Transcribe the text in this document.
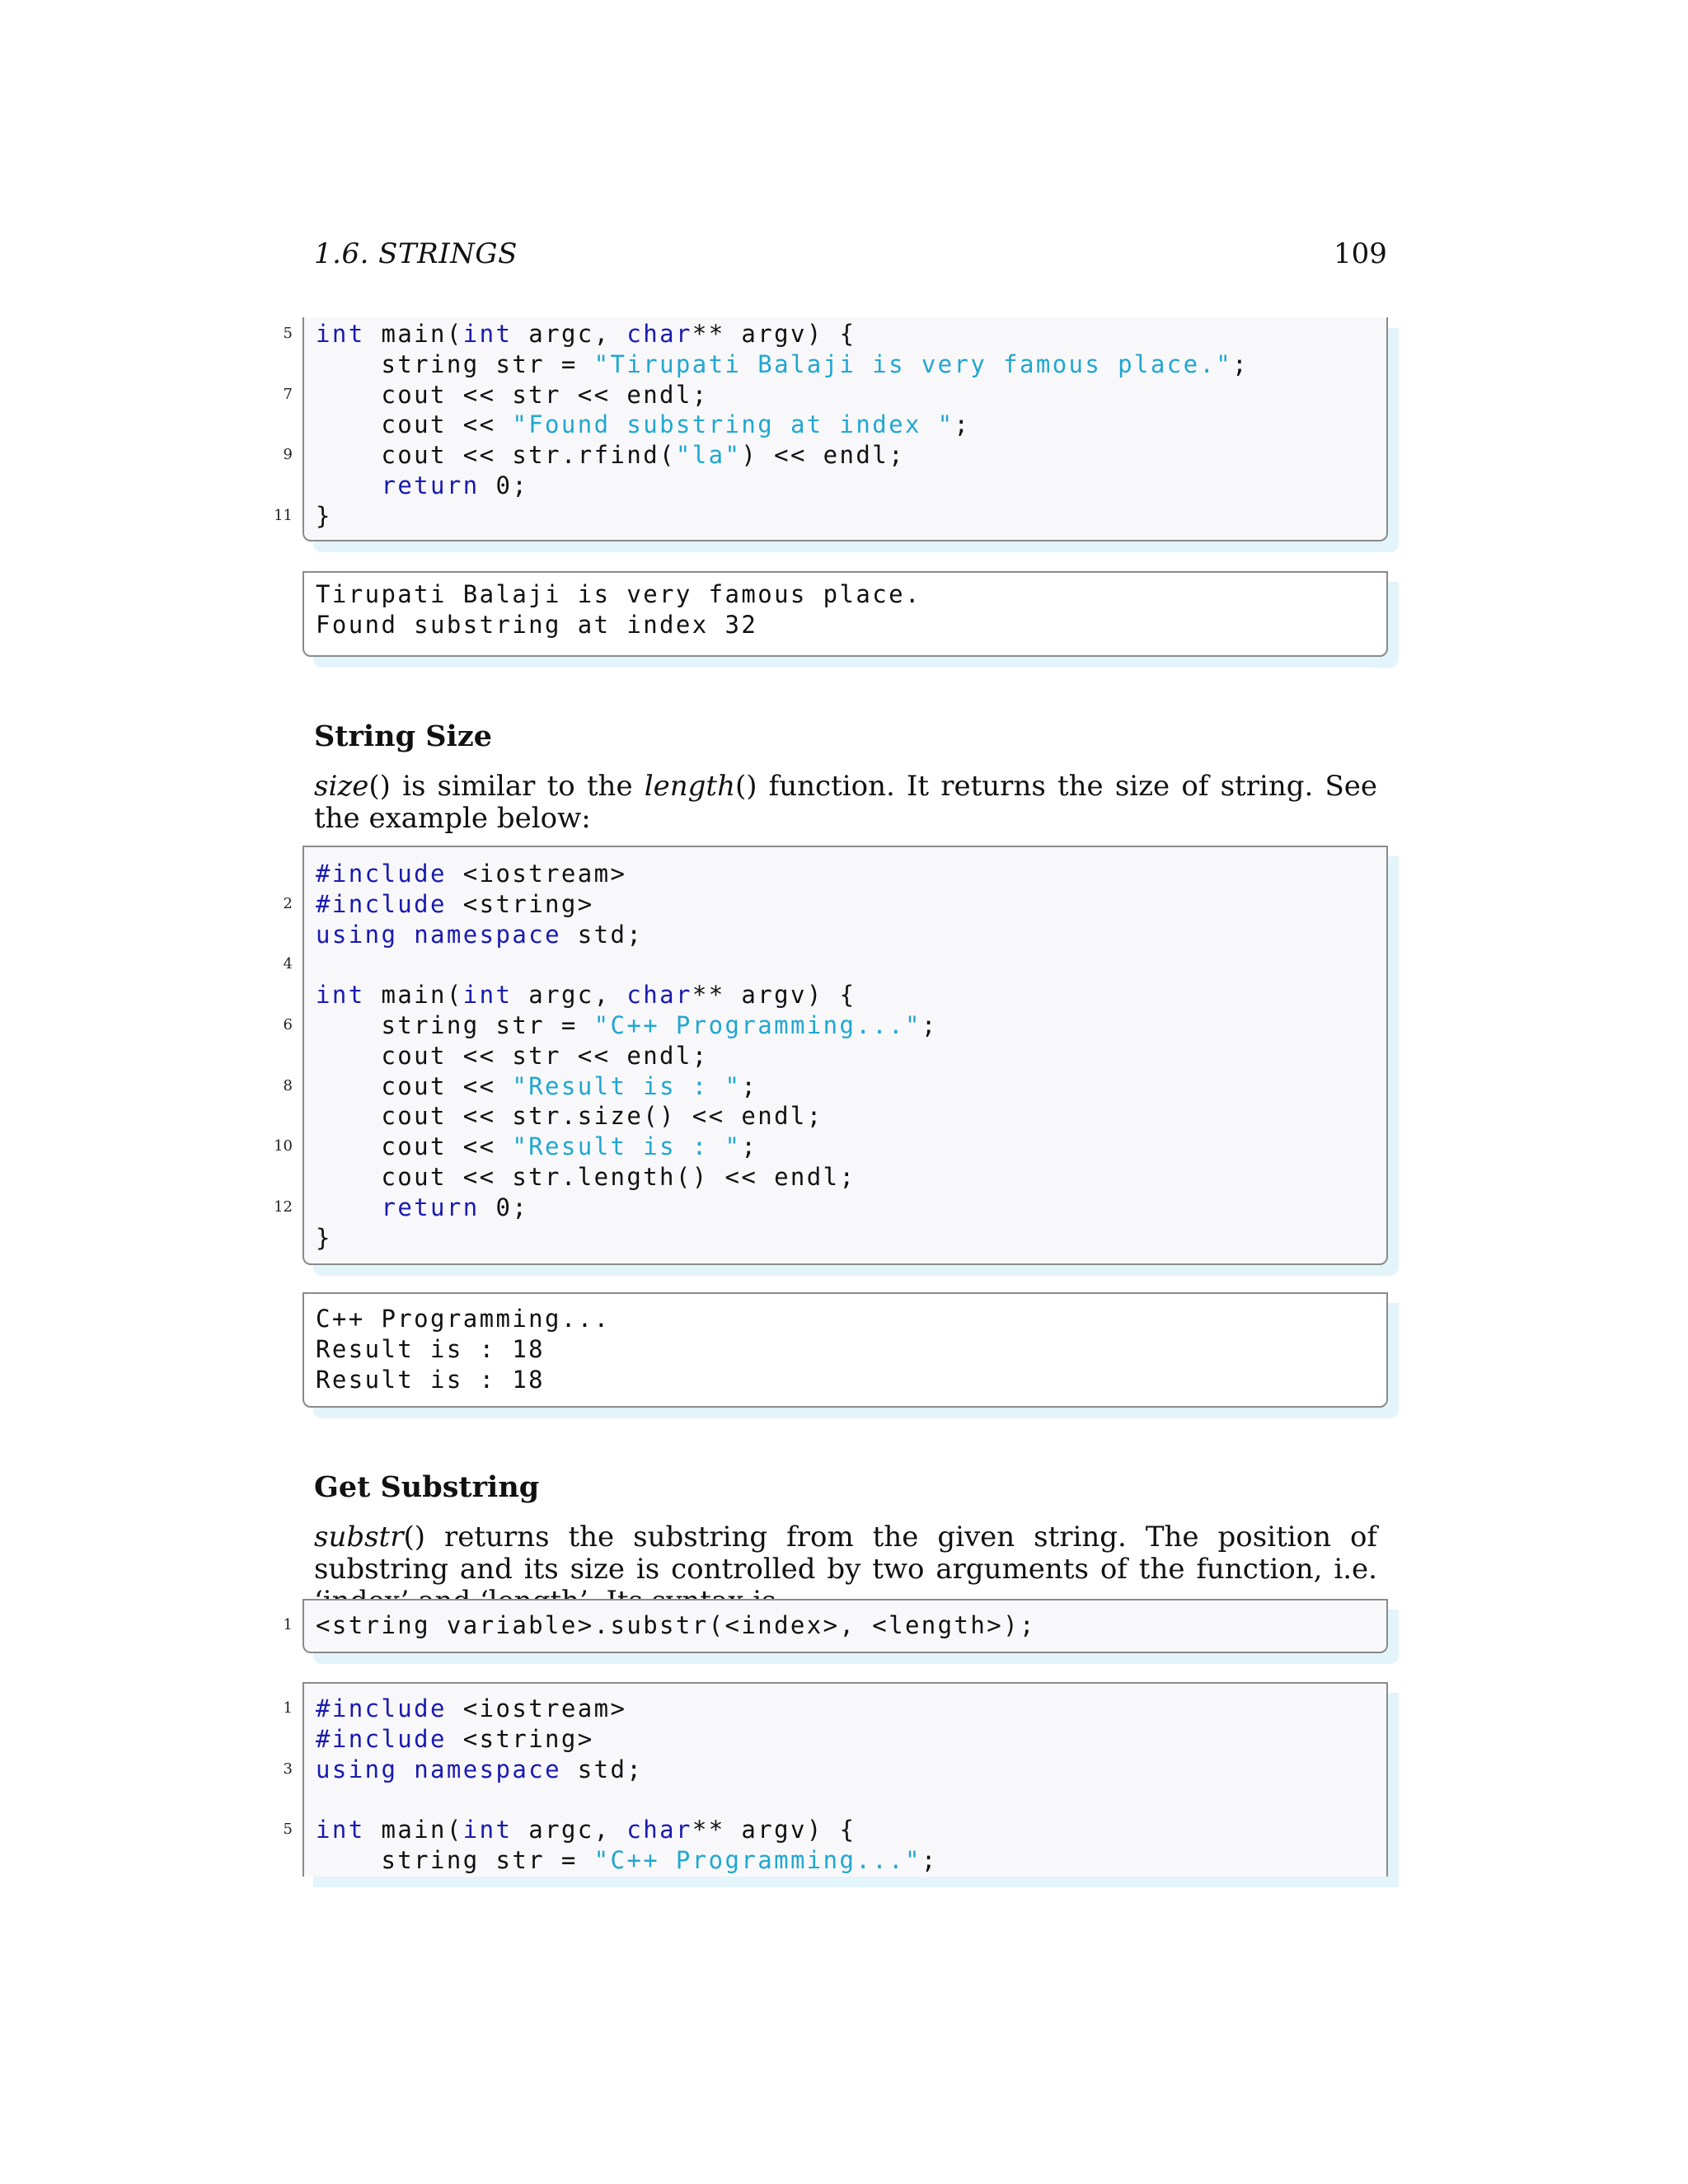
1.6. STRINGS	109
5 int main(int argc, char** argv) {
string str = "Tirupati Balaji is very famous place.";
7 cout << str << endl;
cout << "Found substring at index ";
9 cout << str.rfind("la") << endl;
return 0;
11 }
Tirupati Balaji is very famous place.
Found substring at index 32
String Size
size() is similar to the length() function. It returns the size of string. See the example below:
#include <iostream>
2 #include <string>
using namespace std;
4
int main(int argc, char** argv) {
6 string str = "C++ Programming...";
cout << str << endl;
8 cout << "Result is : ";
cout << str.size() << endl;
10 cout << "Result is : ";
cout << str.length() << endl;
12	return 0;
}
C++ Programming...
Result is : 18
Result is : 18
Get Substring
substr() returns the substring from the given string. The position of substring and its size is controlled by two arguments of the function, i.e.
1 <string variable>.substr(<index>, <length>);
1 #include <iostream>
#include <string>
3 using namespace std;
5 int main(int argc, char** argv) {
string str = "C++ Programming...";
